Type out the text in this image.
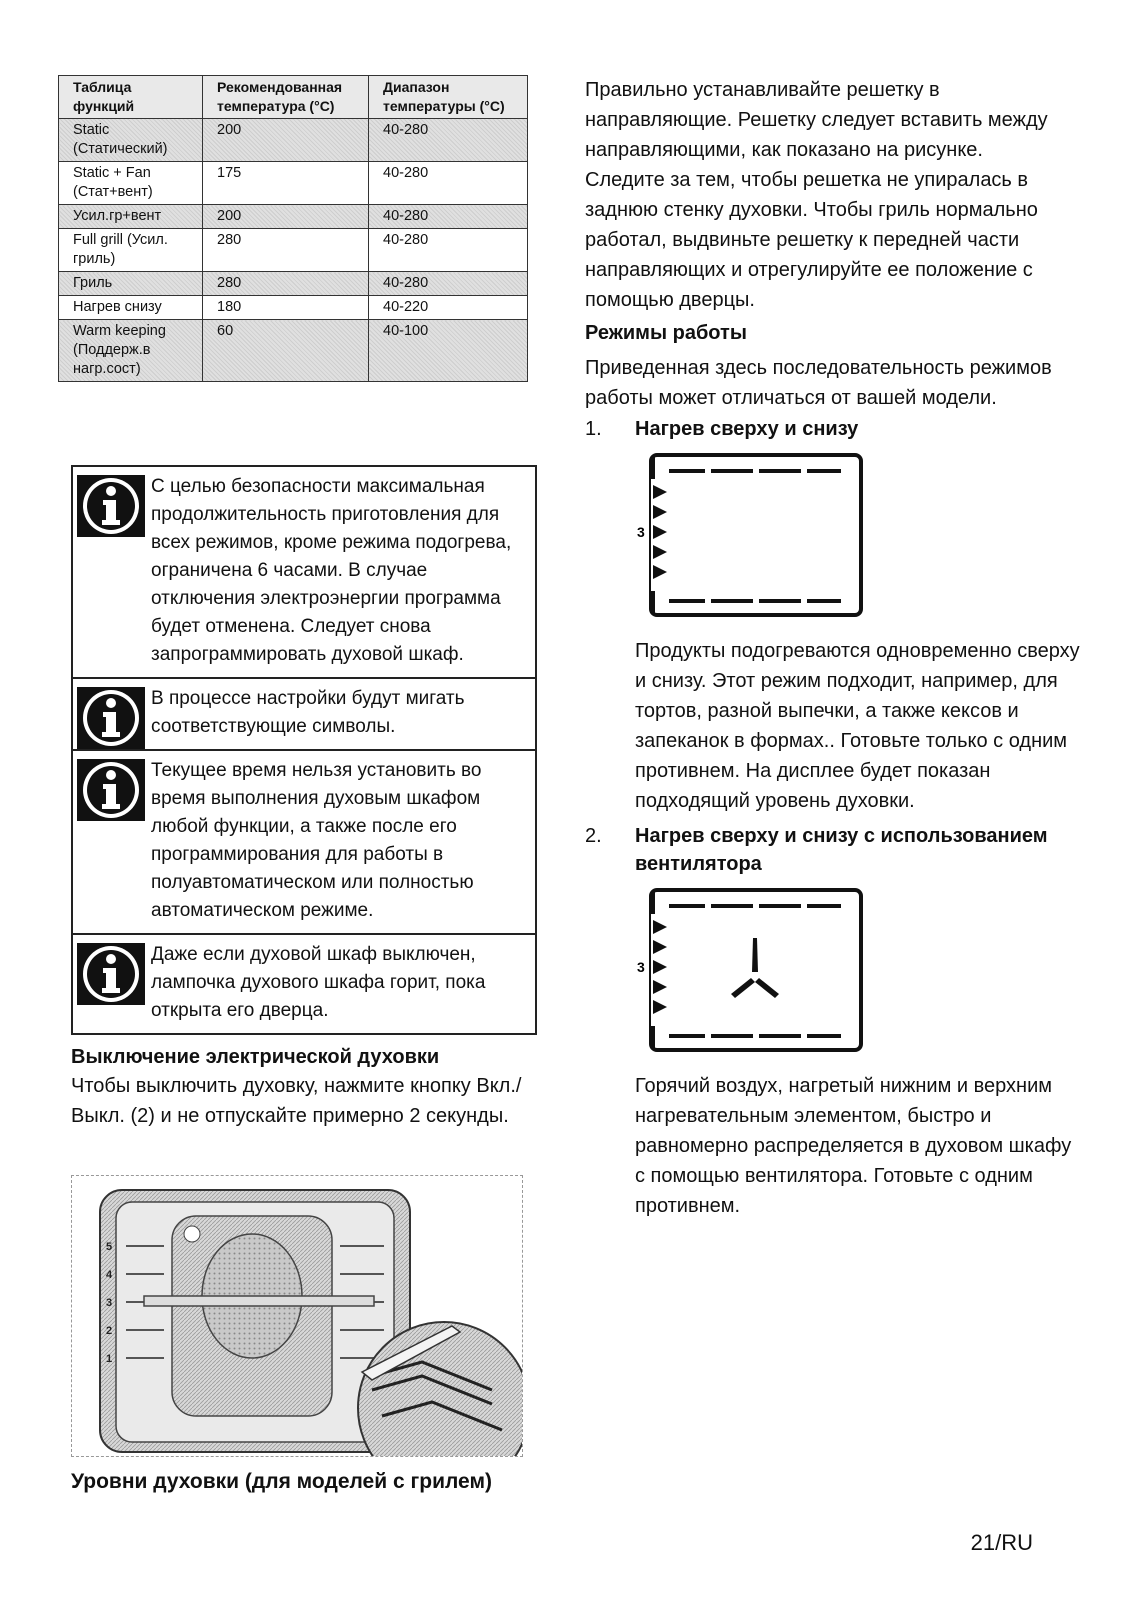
Таблица функций	Рекомендованная температура (°C)	Диапазон температуры (°C)
Static (Статический)	200	40-280
Static + Fan (Стат+вент)	175	40-280
Усил.гр+вент	200	40-280
Full grill (Усил. гриль)	280	40-280
Гриль	280	40-280
Нагрев снизу	180	40-220
Warm keeping (Поддерж.в нагр.сост)	60	40-100
С целью безопасности максимальная продолжительность приготовления для всех режимов, кроме режима подогрева, ограничена 6 часами. В случае отключения электроэнергии программа будет отменена. Следует снова запрограммировать духовой шкаф.
В процессе настройки будут мигать соответствующие символы.
Текущее время нельзя установить во время выполнения духовым шкафом любой функции, а также после его программирования для работы в полуавтоматическом или полностью автоматическом режиме.
Даже если духовой шкаф выключен, лампочка духового шкафа горит, пока открыта его дверца.
Выключение электрической духовки

Чтобы выключить духовку, нажмите кнопку Вкл./Выкл. (2) и не отпускайте примерно 2 секунды.

5
4
3
2
1
Уровни духовки (для моделей с грилем)

Правильно устанавливайте решетку в направляющие. Решетку следует вставить между направляющими, как показано на рисунке.

Следите за тем, чтобы решетка не упиралась в заднюю стенку духовки. Чтобы гриль нормально работал, выдвиньте решетку к передней части направляющих и отрегулируйте ее положение с помощью дверцы.

Режимы работы

Приведенная здесь последовательность режимов работы может отличаться от вашей модели.

1.	Нагрев сверху и снизу
3
Продукты подогреваются одновременно сверху и снизу. Этот режим подходит, например, для тортов, разной выпечки, а также кексов и запеканок в формах.. Готовьте только с одним противнем. На дисплее будет показан подходящий уровень духовки.
2.	Нагрев сверху и снизу с использованием вентилятора
3
Горячий воздух, нагретый нижним и верхним нагревательным элементом, быстро и равномерно распределяется в духовом шкафу с помощью вентилятора. Готовьте с одним противнем.
21/RU
